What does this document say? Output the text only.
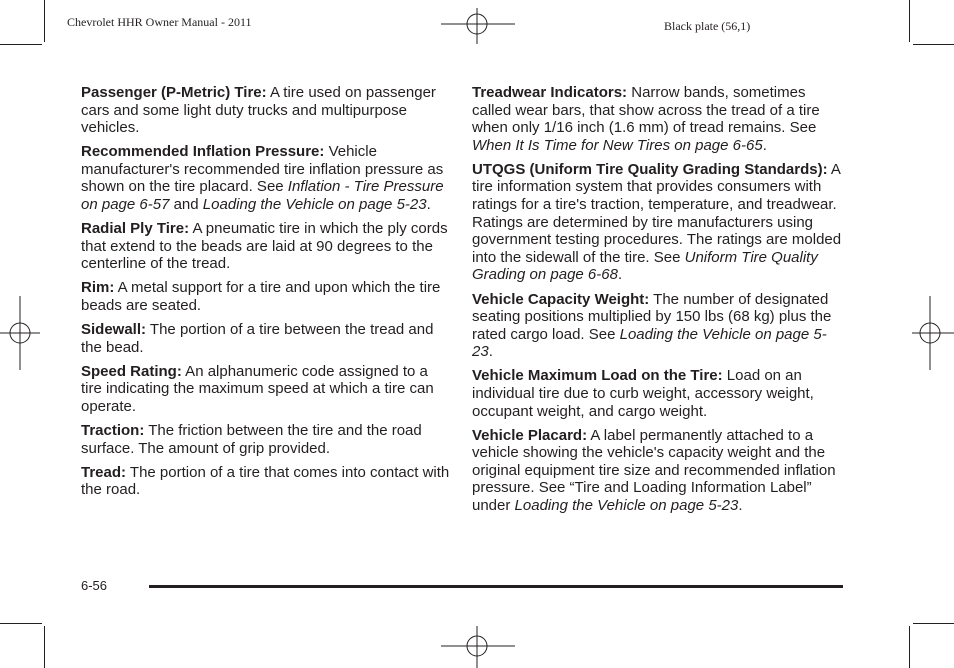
Chevrolet HHR Owner Manual - 2011	Black plate (56,1)

Passenger (P-Metric) Tire: A tire used on passenger cars and some light duty trucks and multipurpose vehicles.

Recommended Inflation Pressure: Vehicle manufacturer's recommended tire inflation pressure as shown on the tire placard. See Inflation - Tire Pressure on page 6-57 and Loading the Vehicle on page 5-23.

Radial Ply Tire: A pneumatic tire in which the ply cords that extend to the beads are laid at 90 degrees to the centerline of the tread.

Rim: A metal support for a tire and upon which the tire beads are seated.

Sidewall: The portion of a tire between the tread and the bead.

Speed Rating: An alphanumeric code assigned to a tire indicating the maximum speed at which a tire can operate.

Traction: The friction between the tire and the road surface. The amount of grip provided.

Tread: The portion of a tire that comes into contact with the road.

Treadwear Indicators: Narrow bands, sometimes called wear bars, that show across the tread of a tire when only 1/16 inch (1.6 mm) of tread remains. See When It Is Time for New Tires on page 6-65.

UTQGS (Uniform Tire Quality Grading Standards): A tire information system that provides consumers with ratings for a tire's traction, temperature, and treadwear. Ratings are determined by tire manufacturers using government testing procedures. The ratings are molded into the sidewall of the tire. See Uniform Tire Quality Grading on page 6-68.

Vehicle Capacity Weight: The number of designated seating positions multiplied by 150 lbs (68 kg) plus the rated cargo load. See Loading the Vehicle on page 5-23.

Vehicle Maximum Load on the Tire: Load on an individual tire due to curb weight, accessory weight, occupant weight, and cargo weight.

Vehicle Placard: A label permanently attached to a vehicle showing the vehicle's capacity weight and the original equipment tire size and recommended inflation pressure. See “Tire and Loading Information Label” under Loading the Vehicle on page 5-23.

6-56
